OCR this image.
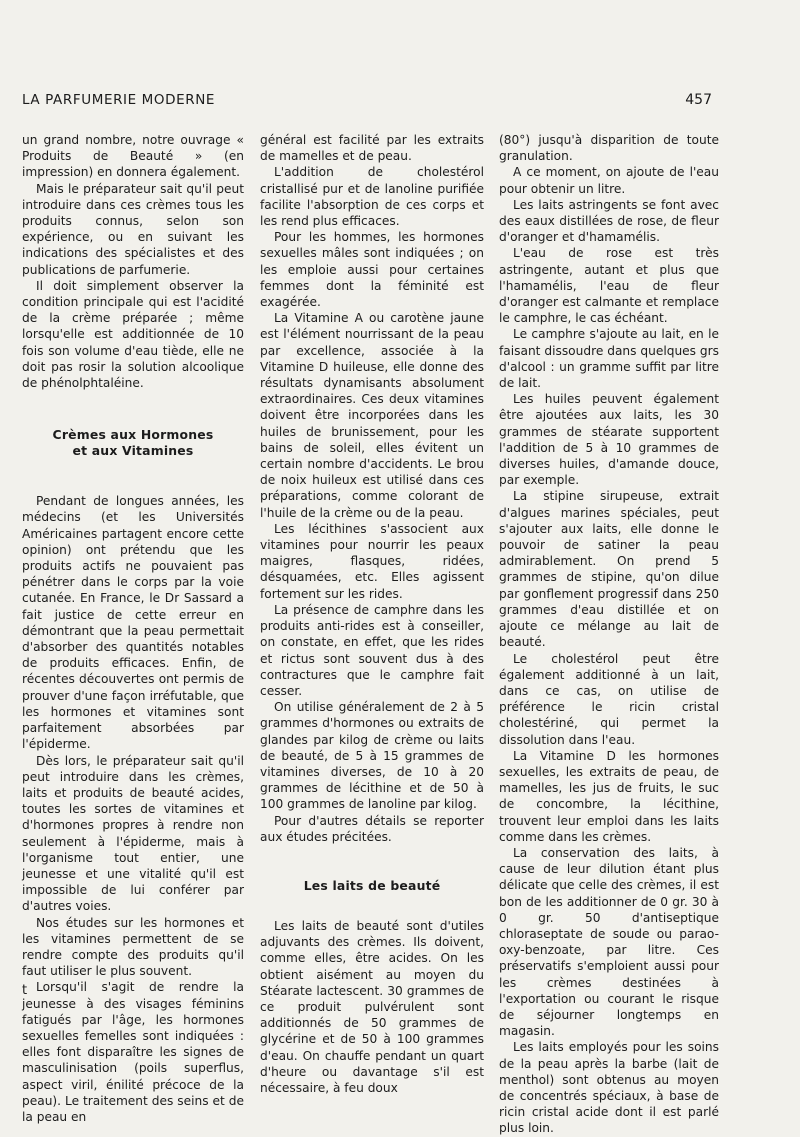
LA PARFUMERIE MODERNE	457

un grand nombre, notre ouvrage « Produits de Beauté » (en impression) en donnera également.

Mais le préparateur sait qu'il peut introduire dans ces crèmes tous les produits connus, selon son expérience, ou en suivant les indications des spécialistes et des publications de parfumerie.

Il doit simplement observer la condition principale qui est l'acidité de la crème préparée ; même lorsqu'elle est additionnée de 10 fois son volume d'eau tiède, elle ne doit pas rosir la solution alcoolique de phénolphtaléine.

Crèmes aux Hormones
et aux Vitamines

Pendant de longues années, les médecins (et les Universités Américaines partagent encore cette opinion) ont prétendu que les produits actifs ne pouvaient pas pénétrer dans le corps par la voie cutanée. En France, le Dr Sassard a fait justice de cette erreur en démontrant que la peau permettait d'absorber des quantités notables de produits efficaces. Enfin, de récentes découvertes ont permis de prouver d'une façon irréfutable, que les hormones et vitamines sont parfaitement absorbées par l'épiderme.

Dès lors, le préparateur sait qu'il peut introduire dans les crèmes, laits et produits de beauté acides, toutes les sortes de vitamines et d'hormones propres à rendre non seulement à l'épiderme, mais à l'organisme tout entier, une jeunesse et une vitalité qu'il est impossible de lui conférer par d'autres voies.

Nos études sur les hormones et les vitamines permettent de se rendre compte des produits qu'il faut utiliser le plus souvent.

Lorsqu'il s'agit de rendre la jeunesse à des visages féminins fatigués par l'âge, les hormones sexuelles femelles sont indiquées : elles font disparaître les signes de masculinisation (poils superflus, aspect viril, énilité précoce de la peau). Le traitement des seins et de la peau en

général est facilité par les extraits de mamelles et de peau.

L'addition de cholestérol cristallisé pur et de lanoline purifiée facilite l'absorption de ces corps et les rend plus efficaces.

Pour les hommes, les hormones sexuelles mâles sont indiquées ; on les emploie aussi pour certaines femmes dont la féminité est exagérée.

La Vitamine A ou carotène jaune est l'élément nourrissant de la peau par excellence, associée à la Vitamine D huileuse, elle donne des résultats dynamisants absolument extraordinaires. Ces deux vitamines doivent être incorporées dans les huiles de brunissement, pour les bains de soleil, elles évitent un certain nombre d'accidents. Le brou de noix huileux est utilisé dans ces préparations, comme colorant de l'huile de la crème ou de la peau.

Les lécithines s'associent aux vitamines pour nourrir les peaux maigres, flasques, ridées, désquamées, etc. Elles agissent fortement sur les rides.

La présence de camphre dans les produits anti-rides est à conseiller, on constate, en effet, que les rides et rictus sont souvent dus à des contractures que le camphre fait cesser.

On utilise généralement de 2 à 5 grammes d'hormones ou extraits de glandes par kilog de crème ou laits de beauté, de 5 à 15 grammes de vitamines diverses, de 10 à 20 grammes de lécithine et de 50 à 100 grammes de lanoline par kilog.

Pour d'autres détails se reporter aux études précitées.

Les laits de beauté

Les laits de beauté sont d'utiles adjuvants des crèmes. Ils doivent, comme elles, être acides. On les obtient aisément au moyen du Stéarate lactescent. 30 grammes de ce produit pulvérulent sont additionnés de 50 grammes de glycérine et de 50 à 100 grammes d'eau. On chauffe pendant un quart d'heure ou davantage s'il est nécessaire, à feu doux

(80°) jusqu'à disparition de toute granulation.

A ce moment, on ajoute de l'eau pour obtenir un litre.

Les laits astringents se font avec des eaux distillées de rose, de fleur d'oranger et d'hamamélis.

L'eau de rose est très astringente, autant et plus que l'hamamélis, l'eau de fleur d'oranger est calmante et remplace le camphre, le cas échéant.

Le camphre s'ajoute au lait, en le faisant dissoudre dans quelques grs d'alcool : un gramme suffit par litre de lait.

Les huiles peuvent également être ajoutées aux laits, les 30 grammes de stéarate supportent l'addition de 5 à 10 grammes de diverses huiles, d'amande douce, par exemple.

La stipine sirupeuse, extrait d'algues marines spéciales, peut s'ajouter aux laits, elle donne le pouvoir de satiner la peau admirablement. On prend 5 grammes de stipine, qu'on dilue par gonflement progressif dans 250 grammes d'eau distillée et on ajoute ce mélange au lait de beauté.

Le cholestérol peut être également additionné à un lait, dans ce cas, on utilise de préférence le ricin cristal cholestériné, qui permet la dissolution dans l'eau.

La Vitamine D les hormones sexuelles, les extraits de peau, de mamelles, les jus de fruits, le suc de concombre, la lécithine, trouvent leur emploi dans les laits comme dans les crèmes.

La conservation des laits, à cause de leur dilution étant plus délicate que celle des crèmes, il est bon de les additionner de 0 gr. 30 à 0 gr. 50 d'antiseptique chloraseptate de soude ou parao-oxy-benzoate, par litre. Ces préservatifs s'emploient aussi pour les crèmes destinées à l'exportation ou courant le risque de séjourner longtemps en magasin.

Les laits employés pour les soins de la peau après la barbe (lait de menthol) sont obtenus au moyen de concentrés spéciaux, à base de ricin cristal acide dont il est parlé plus loin.

t
